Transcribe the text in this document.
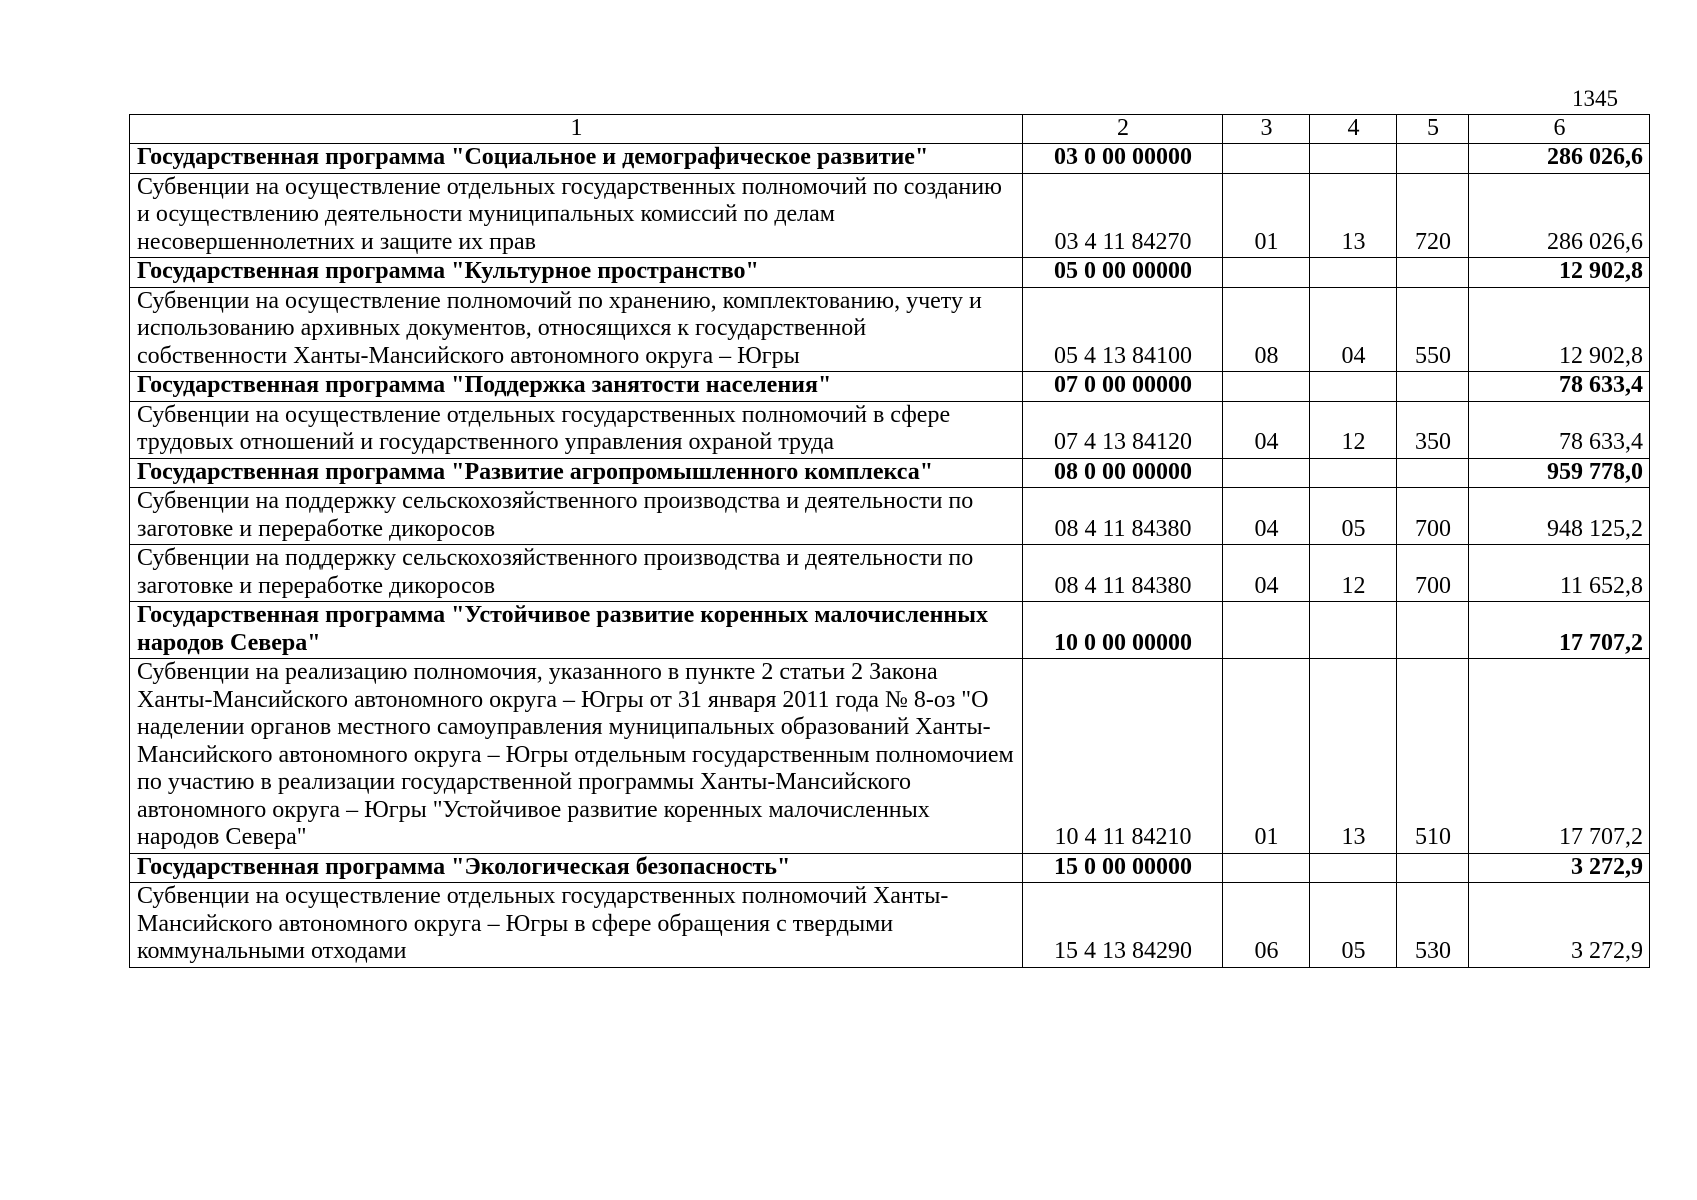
1345
1	2	3	4	5	6
Государственная программа "Социальное и демографическое развитие"	03 0 00 00000				286 026,6
Субвенции на осуществление отдельных государственных полномочий по созданию и осуществлению деятельности муниципальных комиссий по делам несовершеннолетних и защите их прав	03 4 11 84270	01	13	720	286 026,6
Государственная программа "Культурное пространство"	05 0 00 00000				12 902,8
Субвенции на осуществление полномочий по хранению, комплектованию, учету и использованию архивных документов, относящихся к государственной собственности Ханты-Мансийского автономного округа – Югры	05 4 13 84100	08	04	550	12 902,8
Государственная программа "Поддержка занятости населения"	07 0 00 00000				78 633,4
Субвенции на осуществление отдельных государственных полномочий в сфере трудовых отношений и государственного управления охраной труда	07 4 13 84120	04	12	350	78 633,4
Государственная программа "Развитие агропромышленного комплекса"	08 0 00 00000				959 778,0
Субвенции на поддержку сельскохозяйственного производства и деятельности по заготовке и переработке дикоросов	08 4 11 84380	04	05	700	948 125,2
Субвенции на поддержку сельскохозяйственного производства и деятельности по заготовке и переработке дикоросов	08 4 11 84380	04	12	700	11 652,8
Государственная программа "Устойчивое развитие коренных малочисленных народов Севера"	10 0 00 00000				17 707,2
Субвенции на реализацию полномочия, указанного в пункте 2 статьи 2 Закона Ханты-Мансийского автономного округа – Югры от 31 января 2011 года № 8-оз "О наделении органов местного самоуправления муниципальных образований Ханты-Мансийского автономного округа – Югры отдельным государственным полномочием по участию в реализации государственной программы Ханты-Мансийского автономного округа – Югры "Устойчивое развитие коренных малочисленных народов Севера"	10 4 11 84210	01	13	510	17 707,2
Государственная программа "Экологическая безопасность"	15 0 00 00000				3 272,9
Субвенции на осуществление отдельных государственных полномочий Ханты-Мансийского автономного округа – Югры в сфере обращения с твердыми коммунальными отходами	15 4 13 84290	06	05	530	3 272,9
